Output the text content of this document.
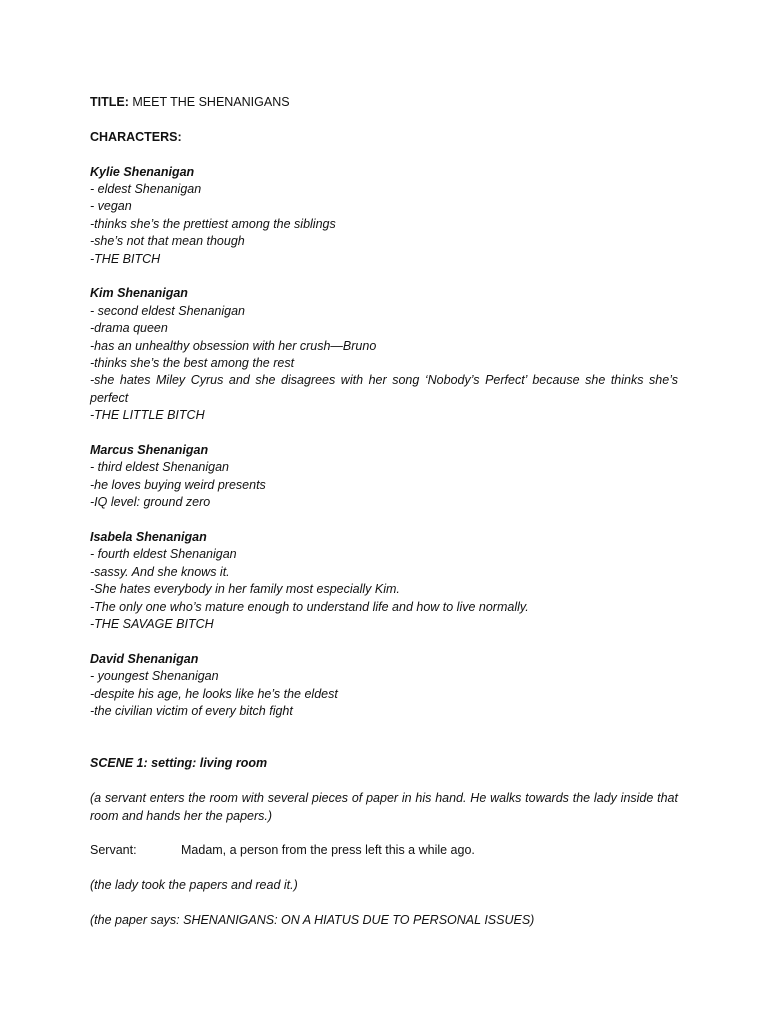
TITLE: MEET THE SHENANIGANS
CHARACTERS:
Kylie Shenanigan
- eldest Shenanigan
- vegan
-thinks she’s the prettiest among the siblings
-she’s not that mean though
-THE BITCH
Kim Shenanigan
- second eldest Shenanigan
-drama queen
-has an unhealthy obsession with her crush—Bruno
-thinks she’s the best among the rest
-she hates Miley Cyrus and she disagrees with her song ‘Nobody’s Perfect’ because she thinks she’s perfect
-THE LITTLE BITCH
Marcus Shenanigan
- third eldest Shenanigan
-he loves buying weird presents
-IQ level: ground zero
Isabela Shenanigan
- fourth eldest Shenanigan
-sassy. And she knows it.
-She hates everybody in her family most especially Kim.
-The only one who’s mature enough to understand life and how to live normally.
-THE SAVAGE BITCH
David Shenanigan
- youngest Shenanigan
-despite his age, he looks like he’s the eldest
-the civilian victim of every bitch fight
SCENE 1: setting: living room
(a servant enters the room with several pieces of paper in his hand. He walks towards the lady inside that room and hands her the papers.)
Servant:	Madam, a person from the press left this a while ago.
(the lady took the papers and read it.)
(the paper says: SHENANIGANS: ON A HIATUS DUE TO PERSONAL ISSUES)
